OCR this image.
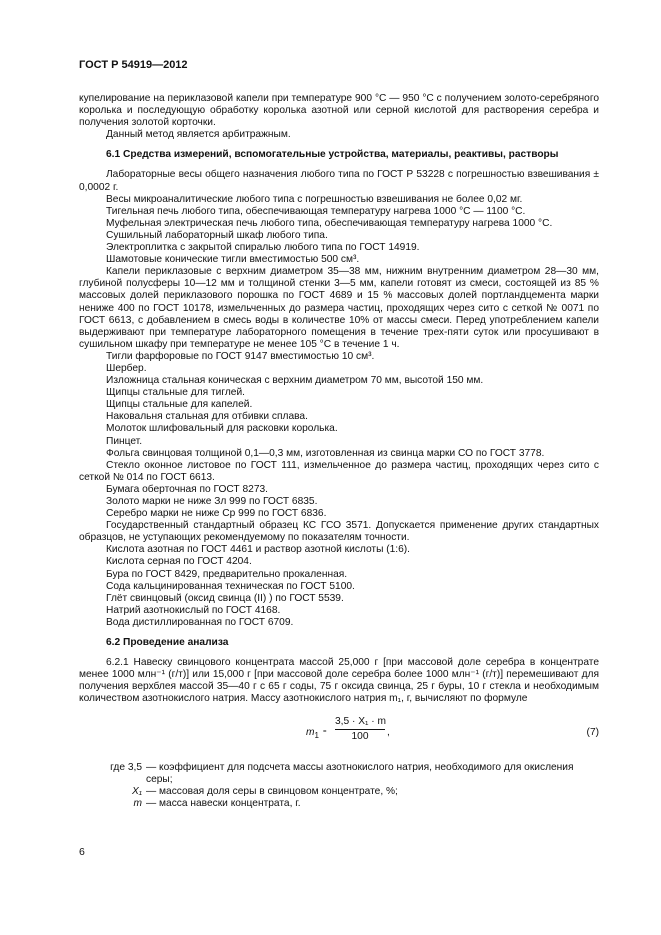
ГОСТ Р 54919—2012

купелирование на периклазовой капели при температуре 900 °С — 950 °С с получением золото-серебряного королька и последующую обработку королька азотной или серной кислотой для растворения серебра и получения золотой корточки.

Данный метод является арбитражным.

6.1 Средства измерений, вспомогательные устройства, материалы, реактивы, растворы

Лабораторные весы общего назначения любого типа по ГОСТ Р 53228 с погрешностью взвешивания ± 0,0002 г.

Весы микроаналитические любого типа с погрешностью взвешивания не более 0,02 мг.

Тигельная печь любого типа, обеспечивающая температуру нагрева 1000 °С — 1100 °С.

Муфельная электрическая печь любого типа, обеспечивающая температуру нагрева 1000 °С.

Сушильный лабораторный шкаф любого типа.

Электроплитка с закрытой спиралью любого типа по ГОСТ 14919.

Шамотовые конические тигли вместимостью 500 см³.

Капели периклазовые с верхним диаметром 35—38 мм, нижним внутренним диаметром 28—30 мм, глубиной полусферы 10—12 мм и толщиной стенки 3—5 мм, капели готовят из смеси, состоящей из 85 % массовых долей периклазового порошка по ГОСТ 4689 и 15 % массовых долей портландцемента марки нениже 400 по ГОСТ 10178, измельченных до размера частиц, проходящих через сито с сеткой № 0071 по ГОСТ 6613, с добавлением в смесь воды в количестве 10% от массы смеси. Перед употреблением капели выдерживают при температуре лабораторного помещения в течение трех-пяти суток или просушивают в сушильном шкафу при температуре не менее 105 °С в течение 1 ч.

Тигли фарфоровые по ГОСТ 9147 вместимостью 10 см³.

Шербер.

Изложница стальная коническая с верхним диаметром 70 мм, высотой 150 мм.

Щипцы стальные для тиглей.

Щипцы стальные для капелей.

Наковальня стальная для отбивки сплава.

Молоток шлифовальный для расковки королька.

Пинцет.

Фольга свинцовая толщиной 0,1—0,3 мм, изготовленная из свинца марки СО по ГОСТ 3778.

Стекло оконное листовое по ГОСТ 111, измельченное до размера частиц, проходящих через сито с сеткой № 014 по ГОСТ 6613.

Бумага оберточная по ГОСТ 8273.

Золото марки не ниже Зл 999 по ГОСТ 6835.

Серебро марки не ниже Ср 999 по ГОСТ 6836.

Государственный стандартный образец КС ГСО 3571. Допускается применение других стандартных образцов, не уступающих рекомендуемому по показателям точности.

Кислота азотная по ГОСТ 4461 и раствор азотной кислоты (1:6).

Кислота серная по ГОСТ 4204.

Бура по ГОСТ 8429, предварительно прокаленная.

Сода кальцинированная техническая по ГОСТ 5100.

Глёт свинцовый (оксид свинца (II) ) по ГОСТ 5539.

Натрий азотнокислый по ГОСТ 4168.

Вода дистиллированная по ГОСТ 6709.

6.2 Проведение анализа

6.2.1 Навеску свинцового концентрата массой 25,000 г [при массовой доле серебра в концентрате менее 1000 млн⁻¹ (г/т)] или 15,000 г [при массовой доле серебра более 1000 млн⁻¹ (г/т)] перемешивают для получения верхблея массой 35—40 г с 65 г соды, 75 г оксида свинца, 25 г буры, 10 г стекла и необходимым количеством азотнокислого натрия. Массу азотнокислого натрия m₁, г, вычисляют по формуле

$m_1 = \frac{\text{3,5 · X₁ · m}}{100}$ ,	(7)
где 3,5 — коэффициент для подсчета массы азотнокислого натрия, необходимого для окисления серы;
X₁ — массовая доля серы в свинцовом концентрате, %;
m — масса навески концентрата, г.
6
